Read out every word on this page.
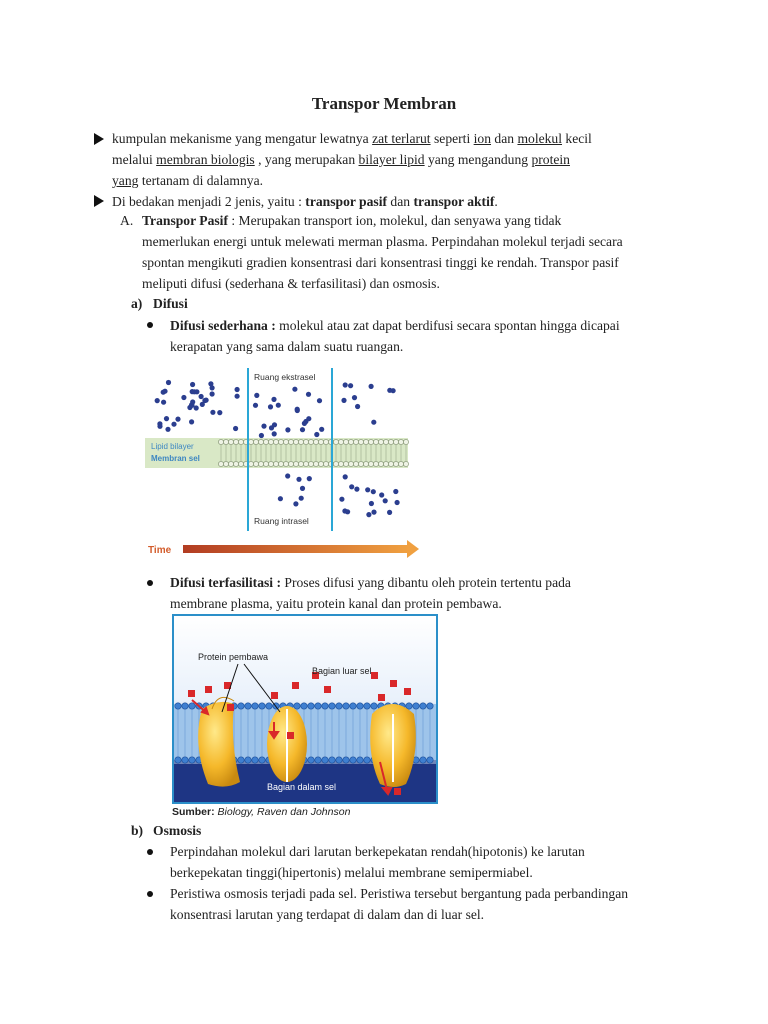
Transpor Membran
kumpulan mekanisme yang mengatur lewatnya zat terlarut seperti ion dan molekul kecil
melalui membran biologis , yang merupakan bilayer lipid yang mengandung protein
yang tertanam di dalamnya.
Di bedakan menjadi 2 jenis, yaitu : transpor pasif dan transpor aktif.
A. Transpor Pasif : Merupakan transport ion, molekul, dan senyawa yang tidak
memerlukan energi untuk melewati merman plasma. Perpindahan molekul terjadi secara
spontan mengikuti gradien konsentrasi dari konsentrasi tinggi ke rendah. Transpor pasif
meliputi difusi (sederhana & terfasilitasi) dan osmosis.
a) Difusi
Difusi sederhana : molekul atau zat dapat berdifusi secara spontan hingga dicapai
kerapatan yang sama dalam suatu ruangan.
Ruang ekstrasel
Lipid bilayer
Membran sel
Ruang intrasel
Time
Difusi terfasilitasi : Proses difusi yang dibantu oleh protein tertentu pada
membrane plasma, yaitu protein kanal dan protein pembawa.
Protein pembawa
Bagian luar sel
Bagian dalam sel
Sumber: Biology, Raven dan Johnson
b) Osmosis
Perpindahan molekul dari larutan berkepekatan rendah(hipotonis) ke larutan
berkepekatan tinggi(hipertonis) melalui membrane semipermiabel.
Peristiwa osmosis terjadi pada sel. Peristiwa tersebut bergantung pada perbandingan
konsentrasi larutan yang terdapat di dalam dan di luar sel.
